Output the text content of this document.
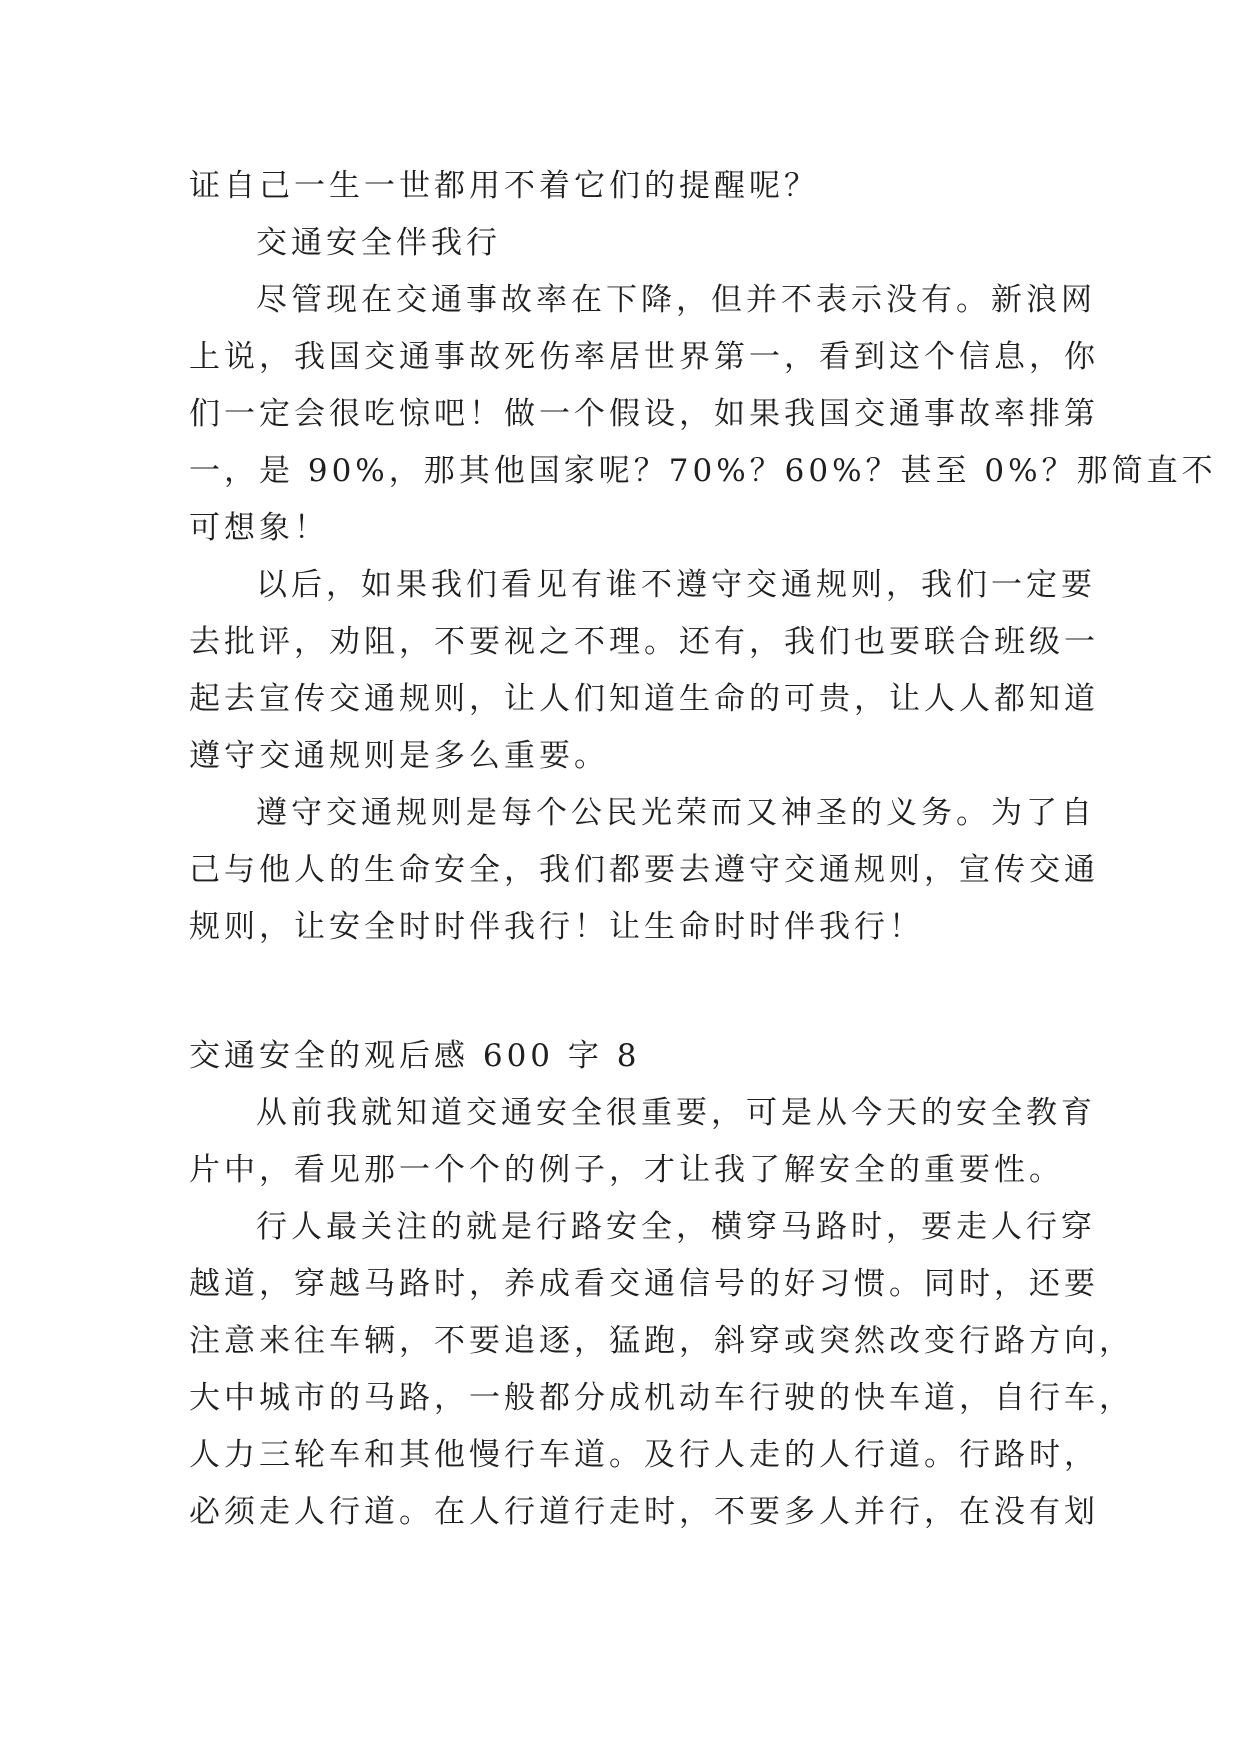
证自己一生一世都用不着它们的提醒呢？
交通安全伴我行
尽管现在交通事故率在下降，但并不表示没有。新浪网
上说，我国交通事故死伤率居世界第一，看到这个信息，你
们一定会很吃惊吧！做一个假设，如果我国交通事故率排第
一，是 90%，那其他国家呢？70%？60%？甚至 0%？那简直不
可想象！
以后，如果我们看见有谁不遵守交通规则，我们一定要
去批评，劝阻，不要视之不理。还有，我们也要联合班级一
起去宣传交通规则，让人们知道生命的可贵，让人人都知道
遵守交通规则是多么重要。
遵守交通规则是每个公民光荣而又神圣的义务。为了自
己与他人的生命安全，我们都要去遵守交通规则，宣传交通
规则，让安全时时伴我行！让生命时时伴我行！
交通安全的观后感 600 字 8
从前我就知道交通安全很重要，可是从今天的安全教育
片中，看见那一个个的例子，才让我了解安全的重要性。
行人最关注的就是行路安全，横穿马路时，要走人行穿
越道，穿越马路时，养成看交通信号的好习惯。同时，还要
注意来往车辆，不要追逐，猛跑，斜穿或突然改变行路方向，
大中城市的马路，一般都分成机动车行驶的快车道，自行车，
人力三轮车和其他慢行车道。及行人走的人行道。行路时，
必须走人行道。在人行道行走时，不要多人并行，在没有划
